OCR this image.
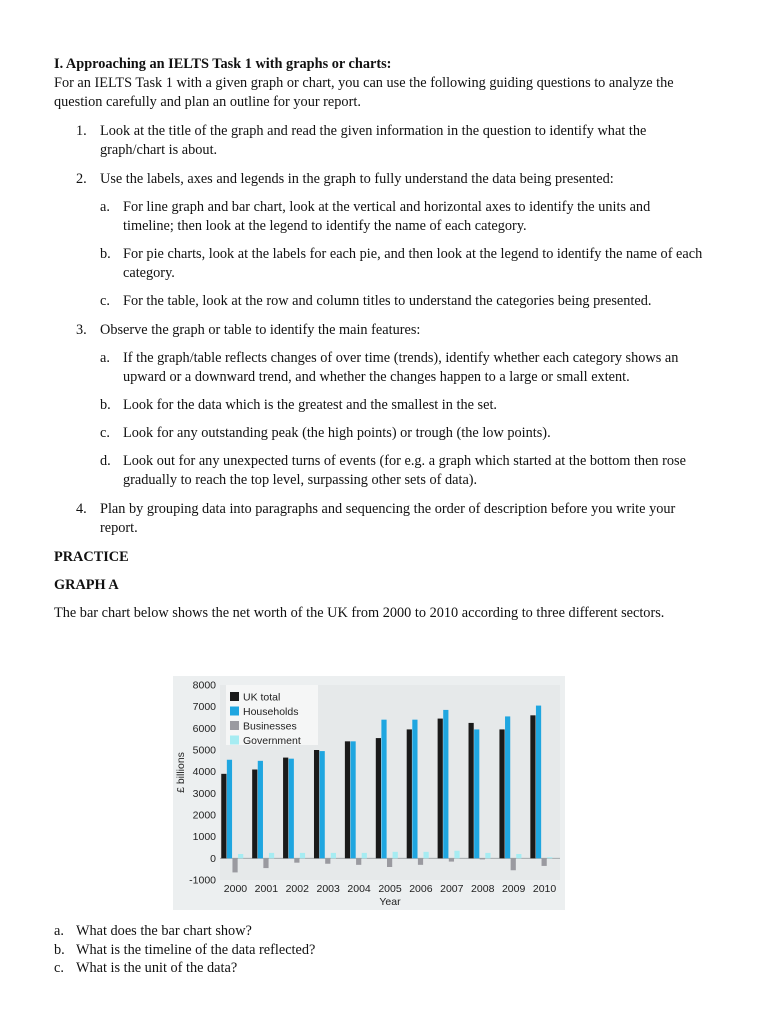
I. Approaching an IELTS Task 1 with graphs or charts:

For an IELTS Task 1 with a given graph or chart, you can use the following guiding questions to analyze the question carefully and plan an outline for your report.

1. Look at the title of the graph and read the given information in the question to identify what the graph/chart is about.
2. Use the labels, axes and legends in the graph to fully understand the data being presented:
a. For line graph and bar chart, look at the vertical and horizontal axes to identify the units and timeline; then look at the legend to identify the name of each category.
b. For pie charts, look at the labels for each pie, and then look at the legend to identify the name of each category.
c. For the table, look at the row and column titles to understand the categories being presented.
3. Observe the graph or table to identify the main features:
a. If the graph/table reflects changes of over time (trends), identify whether each category shows an upward or a downward trend, and whether the changes happen to a large or small extent.
b. Look for the data which is the greatest and the smallest in the set.
c. Look for any outstanding peak (the high points) or trough (the low points).
d. Look out for any unexpected turns of events (for e.g. a graph which started at the bottom then rose gradually to reach the top level, surpassing other sets of data).
4. Plan by grouping data into paragraphs and sequencing the order of description before you write your report.
PRACTICE
GRAPH A
The bar chart below shows the net worth of the UK from 2000 to 2010 according to three different sectors.
8000
7000
6000
5000
4000
3000
2000
1000
0
-1000
2000 2001 2002 2003 2004 2005 2006 2007 2008 2009 2010
Year
£ billions
UK total
Households
Businesses
Government
a. What does the bar chart show?
b. What is the timeline of the data reflected?
c. What is the unit of the data?
